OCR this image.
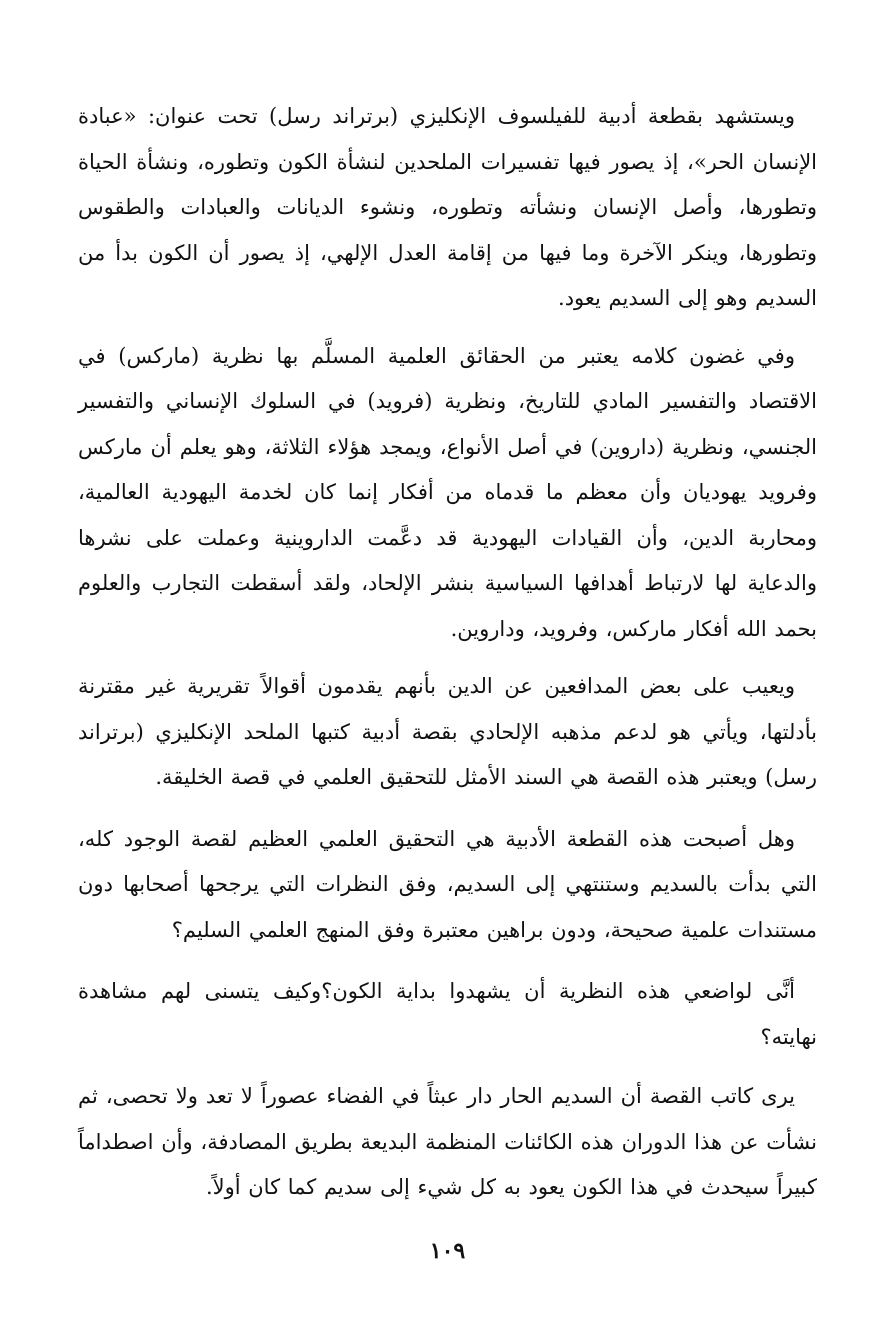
ويستشهد بقطعة أدبية للفيلسوف الإنكليزي (برتراند رسل) تحت عنوان: «عبادة الإنسان الحر»، إذ يصور فيها تفسيرات الملحدين لنشأة الكون وتطوره، ونشأة الحياة وتطورها، وأصل الإنسان ونشأته وتطوره، ونشوء الديانات والعبادات والطقوس وتطورها، وينكر الآخرة وما فيها من إقامة العدل الإلهي، إذ يصور أن الكون بدأ من السديم وهو إلى السديم يعود.

وفي غضون كلامه يعتبر من الحقائق العلمية المسلَّم بها نظرية (ماركس) في الاقتصاد والتفسير المادي للتاريخ، ونظرية (فرويد) في السلوك الإنساني والتفسير الجنسي، ونظرية (داروين) في أصل الأنواع، ويمجد هؤلاء الثلاثة، وهو يعلم أن ماركس وفرويد يهوديان وأن معظم ما قدماه من أفكار إنما كان لخدمة اليهودية العالمية، ومحاربة الدين، وأن القيادات اليهودية قد دعَّمت الداروينية وعملت على نشرها والدعاية لها لارتباط أهدافها السياسية بنشر الإلحاد، ولقد أسقطت التجارب والعلوم بحمد الله أفكار ماركس، وفرويد، وداروين.

ويعيب على بعض المدافعين عن الدين بأنهم يقدمون أقوالاً تقريرية غير مقترنة بأدلتها، ويأتي هو لدعم مذهبه الإلحادي بقصة أدبية كتبها الملحد الإنكليزي (برتراند رسل) ويعتبر هذه القصة هي السند الأمثل للتحقيق العلمي في قصة الخليقة.

وهل أصبحت هذه القطعة الأدبية هي التحقيق العلمي العظيم لقصة الوجود كله، التي بدأت بالسديم وستنتهي إلى السديم، وفق النظرات التي يرجحها أصحابها دون مستندات علمية صحيحة، ودون براهين معتبرة وفق المنهج العلمي السليم؟

أنَّى لواضعي هذه النظرية أن يشهدوا بداية الكون؟وكيف يتسنى لهم مشاهدة نهايته؟

يرى كاتب القصة أن السديم الحار دار عبثاً في الفضاء عصوراً لا تعد ولا تحصى، ثم نشأت عن هذا الدوران هذه الكائنات المنظمة البديعة بطريق المصادفة، وأن اصطداماً كبيراً سيحدث في هذا الكون يعود به كل شيء إلى سديم كما كان أولاً.

١٠٩
